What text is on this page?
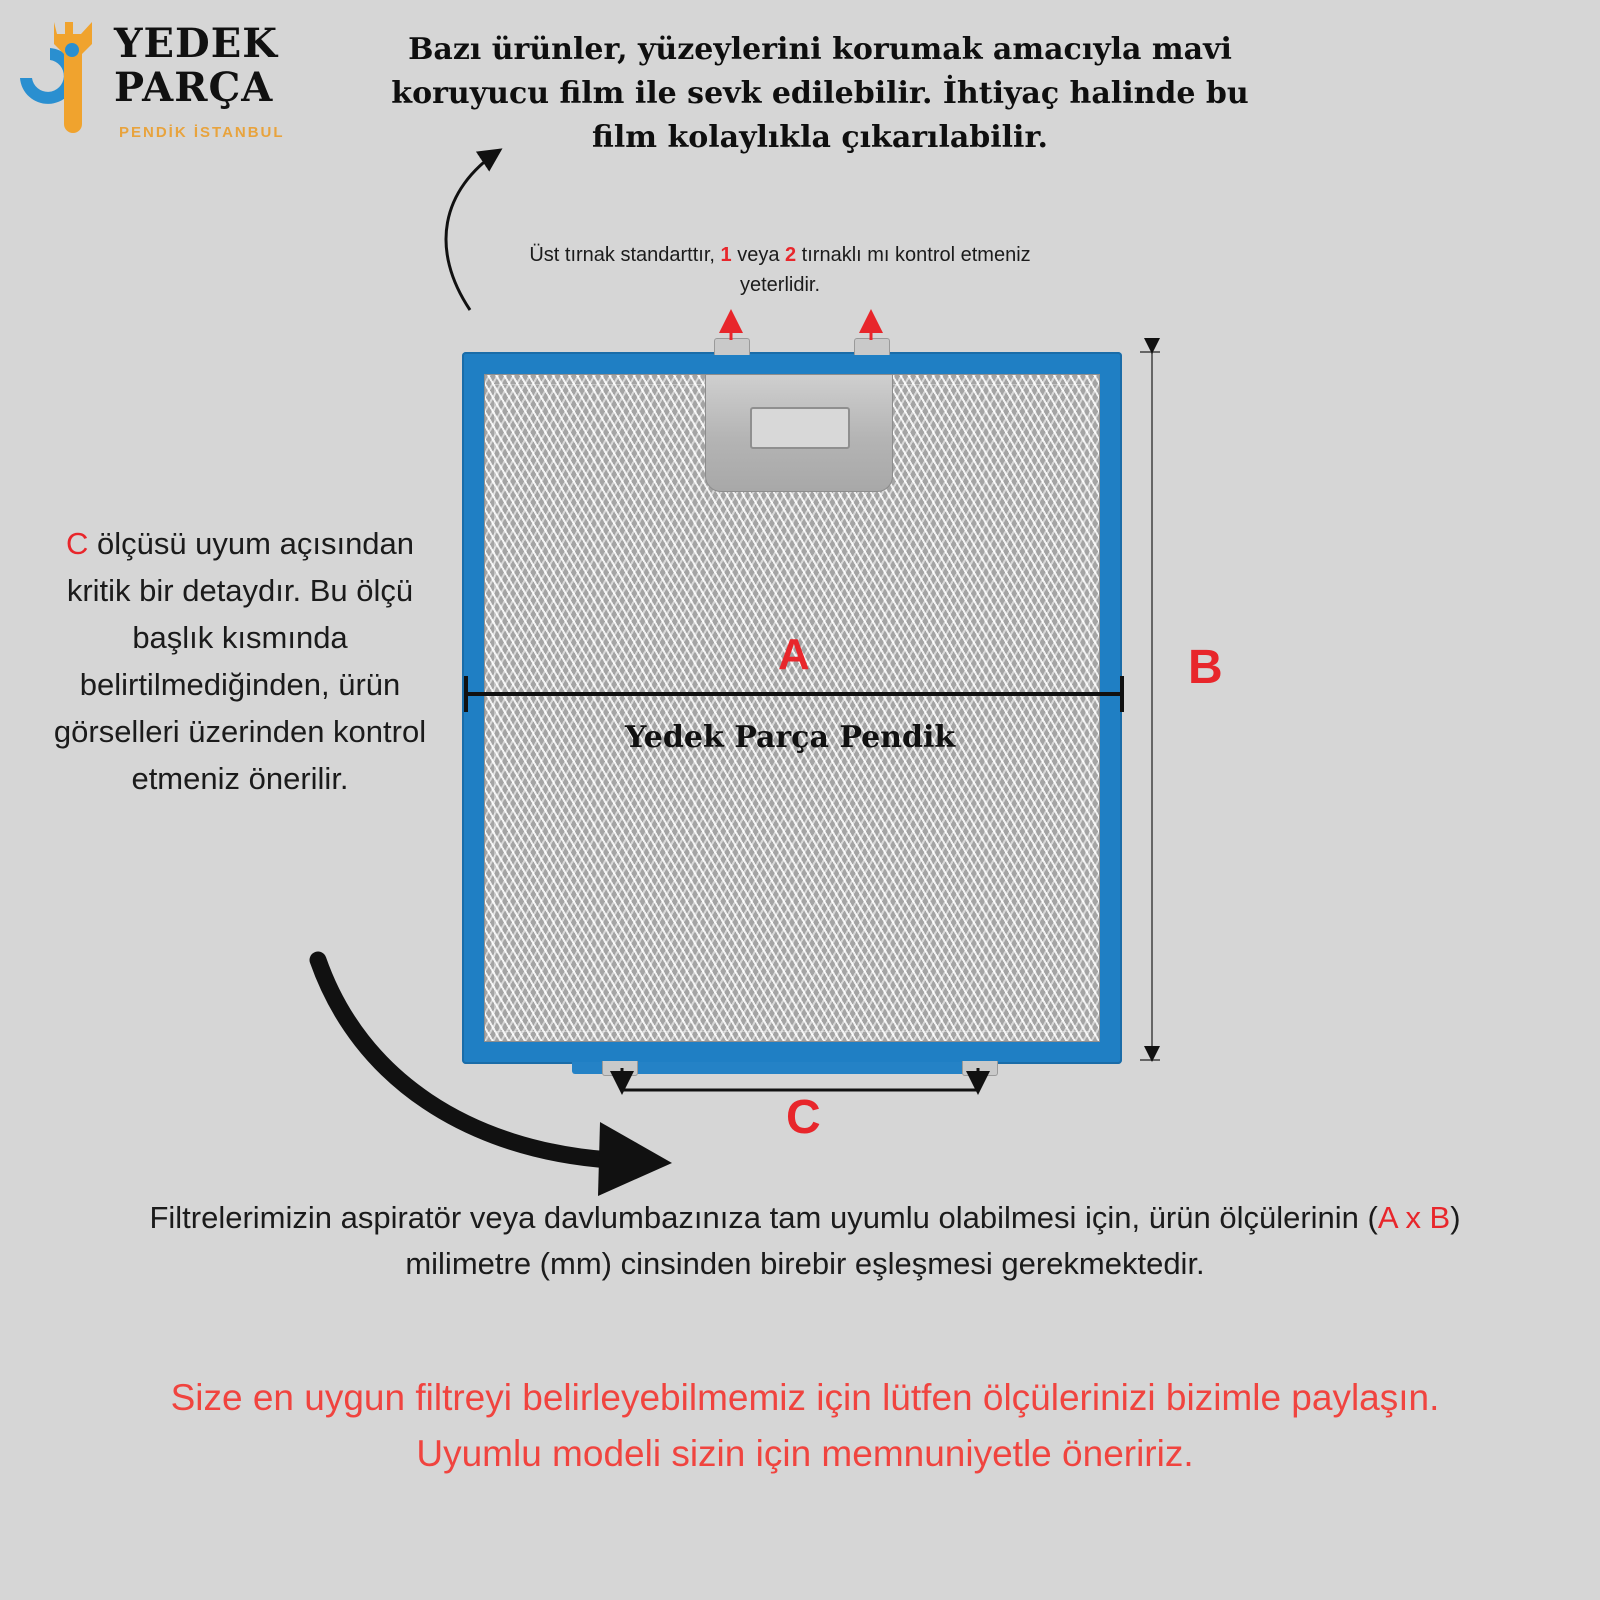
YEDEK
PARÇA
PENDİK İSTANBUL
Bazı ürünler, yüzeylerini korumak amacıyla mavi koruyucu film ile sevk edilebilir. İhtiyaç halinde bu film kolaylıkla çıkarılabilir.
Üst tırnak standarttır, 1 veya 2 tırnaklı mı kontrol etmeniz yeterlidir.
C ölçüsü uyum açısından kritik bir detaydır. Bu ölçü başlık kısmında belirtilmediğinden, ürün görselleri üzerinden kontrol etmeniz önerilir.
A	B
C
Yedek Parça Pendik
Filtrelerimizin aspiratör veya davlumbazınıza tam uyumlu olabilmesi için, ürün ölçülerinin (A x B) milimetre (mm) cinsinden birebir eşleşmesi gerekmektedir.
Size en uygun filtreyi belirleyebilmemiz için lütfen ölçülerinizi bizimle paylaşın. Uyumlu modeli sizin için memnuniyetle öneririz.
